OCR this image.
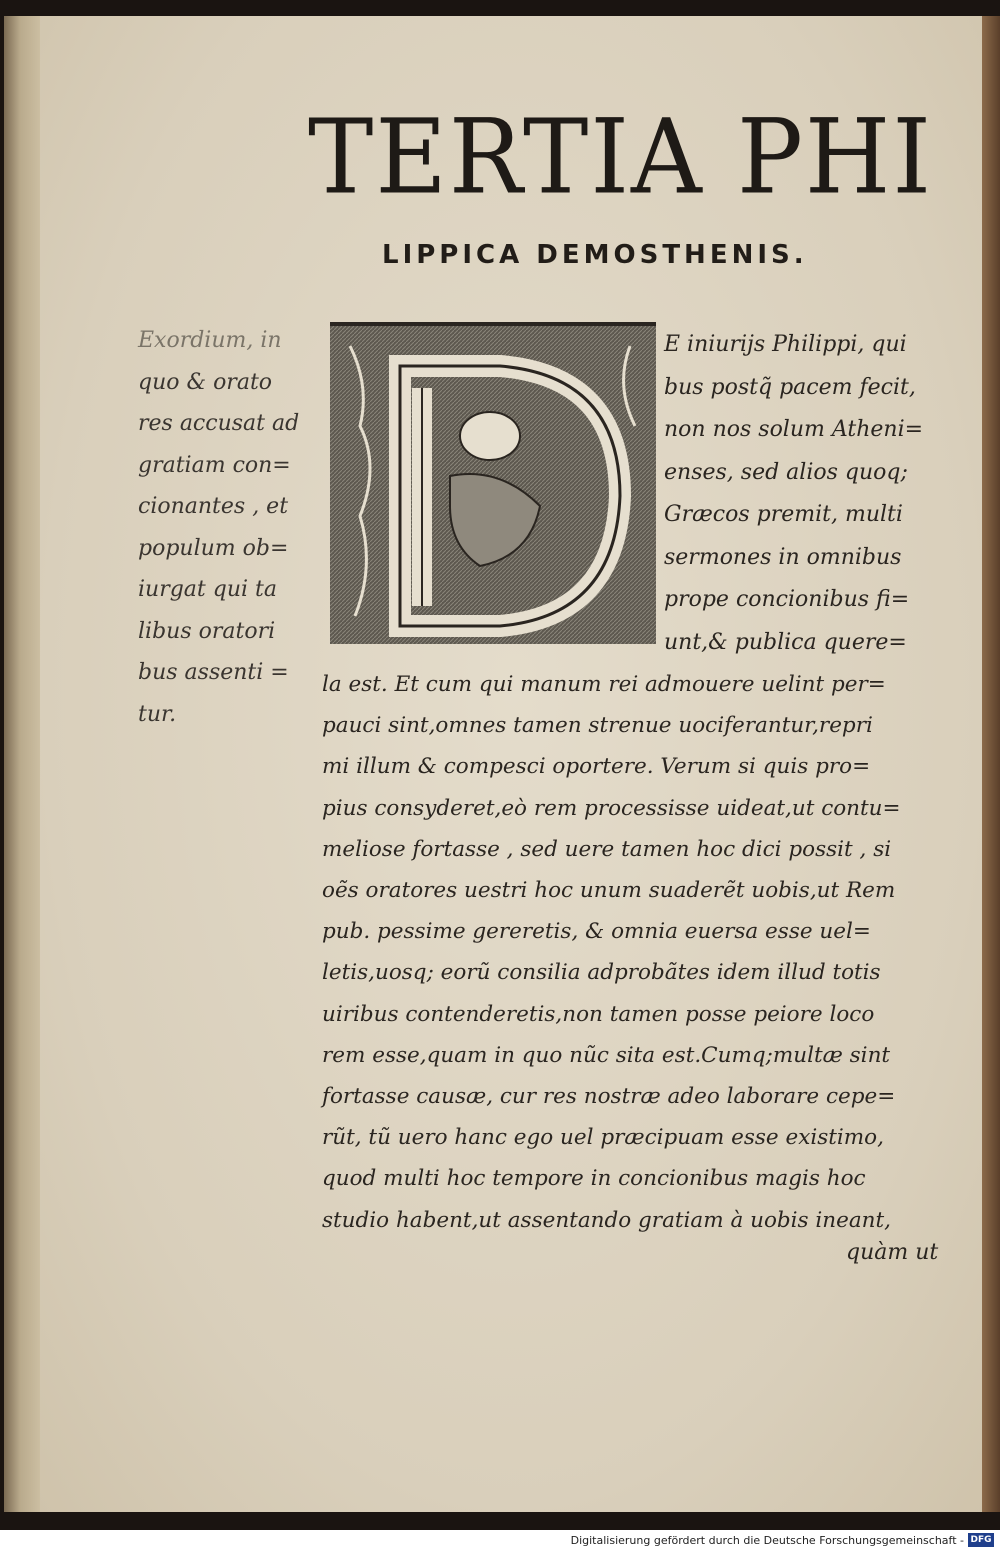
TERTIA PHI
LIPPICA DEMOSTHENIS.
Exordium, in
quo & orato
res accusat ad
gratiam con=
cionantes , et
populum ob=
iurgat qui ta
libus oratori
bus assenti =
tur.
E iniurijs Philippi, qui
bus postq̃ pacem fecit,
non nos solum Atheni=
enses, sed alios quoq;
Græcos premit, multi
sermones in omnibus
prope concionibus fi=
unt,& publica quere=
la est. Et cum qui manum rei admouere uelint per=
pauci sint,omnes tamen strenue uociferantur,repri
mi illum & compesci oportere. Verum si quis pro=
pius consyderet,eò rem processisse uideat,ut contu=
meliose fortasse , sed uere tamen hoc dici possit , si
oẽs oratores uestri hoc unum suaderẽt uobis,ut Rem
pub. pessime gereretis, & omnia euersa esse uel=
letis,uosq; eorũ consilia adprobãtes idem illud totis
uiribus contenderetis,non tamen posse peiore loco
rem esse,quam in quo nũc sita est.Cumq;multæ sint
fortasse causæ, cur res nostræ adeo laborare cepe=
rũt, tũ uero hanc ego uel præcipuam esse existimo,
quod multi hoc tempore in concionibus magis hoc
studio habent,ut assentando gratiam à uobis ineant,
quàm ut
Digitalisierung gefördert durch die Deutsche Forschungsgemeinschaft - DFG
